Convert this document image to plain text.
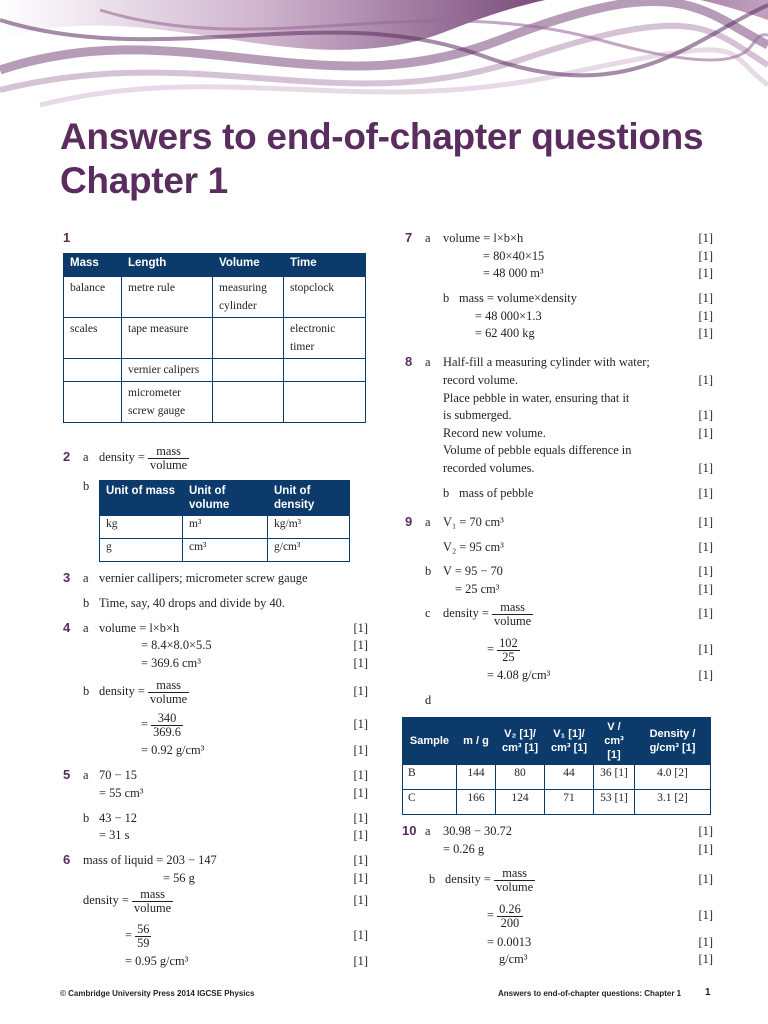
Answers to end-of-chapter questions
Chapter 1
1
Mass	Length	Volume	Time
balance	metre rule	measuring cylinder	stopclock
scales	tape measure		electronic timer
	vernier calipers		
	micrometer screw gauge		
2 a density = $\frac{\text{mass}}{\text{volume}}$
b Unit of mass	Unit of volume	Unit of density
kg	m³	kg/m³
g	cm³	g/cm³
3 a vernier callipers; micrometer screw gauge
b Time, say, 40 drops and divide by 40.
4 a volume = l×b×h	[1]
= 8.4×8.0×5.5	[1]
= 369.6 cm³	[1]
b density = $\frac{\text{mass}}{\text{volume}}$	[1]
= $\frac{340}{369.6}$	[1]
= 0.92 g/cm³	[1]
5 a 70 − 15	[1]
= 55 cm³	[1]
b 43 − 12	[1]
= 31 s	[1]
6 mass of liquid = 203 − 147	[1]
= 56 g	[1]
density = $\frac{\text{mass}}{\text{volume}}$	[1]
= $\frac{56}{59}$	[1]
= 0.95 g/cm³	[1]
7 a volume = l×b×h	[1]
= 80×40×15	[1]
= 48 000 m³	[1]
b mass = volume×density	[1]
= 48 000×1.3	[1]
= 62 400 kg	[1]
8 a Half-fill a measuring cylinder with water;
record volume.	[1]
Place pebble in water, ensuring that it
is submerged.	[1]
Record new volume.	[1]
Volume of pebble equals difference in
recorded volumes.	[1]
b mass of pebble	[1]
9 a V₁ = 70 cm³	[1]
V₂ = 95 cm³	[1]
b V = 95 − 70	[1]
= 25 cm³	[1]
c density = $\frac{\text{mass}}{\text{volume}}$	[1]
= $\frac{102}{25}$	[1]
= 4.08 g/cm³	[1]
d
Sample	m / g	V₂ [1]/ cm³ [1]	V₁ [1]/ cm³ [1]	V / cm³ [1]	Density / g/cm³ [1]
B	144	80	44	36 [1]	4.0 [2]
C	166	124	71	53 [1]	3.1 [2]
10 a 30.98 − 30.72	[1]
= 0.26 g	[1]
b density = $\frac{\text{mass}}{\text{volume}}$	[1]
= $\frac{0.26}{200}$	[1]
= 0.0013	[1]
g/cm³	[1]
© Cambridge University Press 2014 IGCSE Physics	Answers to end-of-chapter questions: Chapter 1 1
